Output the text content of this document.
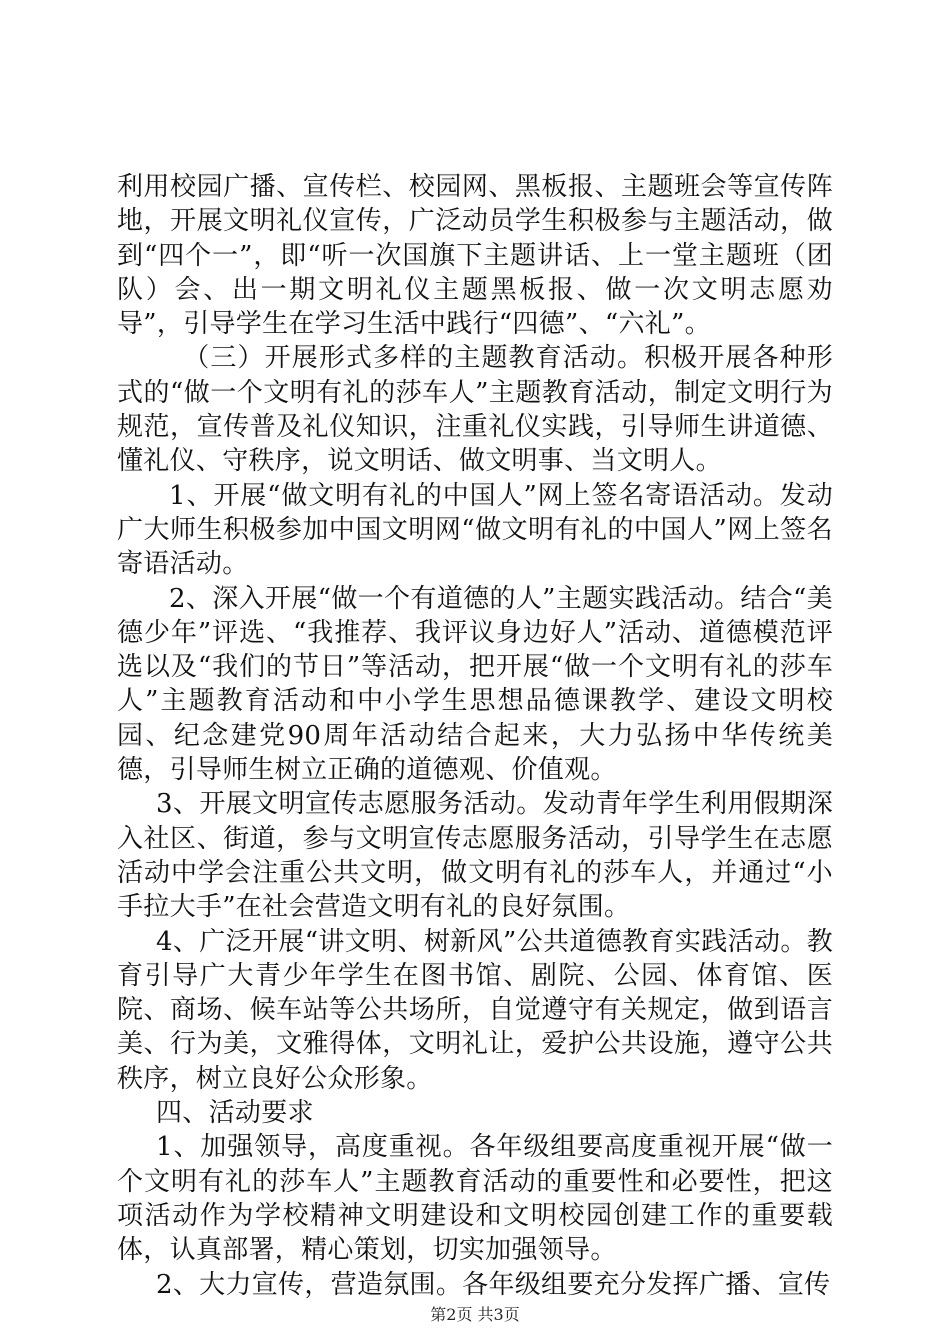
利用校园广播、宣传栏、校园网、黑板报、主题班会等宣传阵地，开展文明礼仪宣传，广泛动员学生积极参与主题活动，做到“四个一”，即“听一次国旗下主题讲话、上一堂主题班（团队）会、出一期文明礼仪主题黑板报、做一次文明志愿劝导”，引导学生在学习生活中践行“四德”、“六礼”。

（三）开展形式多样的主题教育活动。积极开展各种形式的“做一个文明有礼的莎车人”主题教育活动，制定文明行为规范，宣传普及礼仪知识，注重礼仪实践，引导师生讲道德、懂礼仪、守秩序，说文明话、做文明事、当文明人。

1、开展“做文明有礼的中国人”网上签名寄语活动。发动广大师生积极参加中国文明网“做文明有礼的中国人”网上签名寄语活动。

2、深入开展“做一个有道德的人”主题实践活动。结合“美德少年”评选、“我推荐、我评议身边好人”活动、道德模范评选以及“我们的节日”等活动，把开展“做一个文明有礼的莎车人”主题教育活动和中小学生思想品德课教学、建设文明校园、纪念建党90周年活动结合起来，大力弘扬中华传统美德，引导师生树立正确的道德观、价值观。

3、开展文明宣传志愿服务活动。发动青年学生利用假期深入社区、街道，参与文明宣传志愿服务活动，引导学生在志愿活动中学会注重公共文明，做文明有礼的莎车人，并通过“小手拉大手”在社会营造文明有礼的良好氛围。

4、广泛开展“讲文明、树新风”公共道德教育实践活动。教育引导广大青少年学生在图书馆、剧院、公园、体育馆、医院、商场、候车站等公共场所，自觉遵守有关规定，做到语言美、行为美，文雅得体，文明礼让，爱护公共设施，遵守公共秩序，树立良好公众形象。

四、活动要求

1、加强领导，高度重视。各年级组要高度重视开展“做一个文明有礼的莎车人”主题教育活动的重要性和必要性，把这项活动作为学校精神文明建设和文明校园创建工作的重要载体，认真部署，精心策划，切实加强领导。

2、大力宣传，营造氛围。各年级组要充分发挥广播、宣传

第2页 共3页
